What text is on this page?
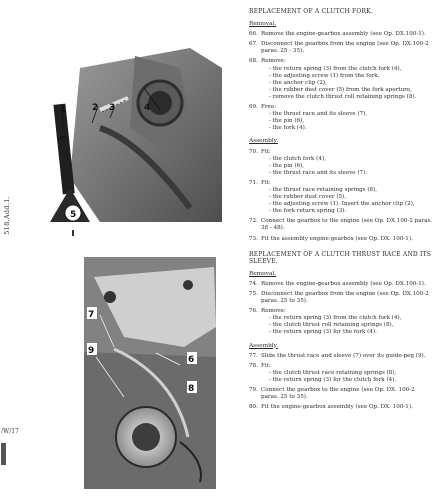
518.Add.1.
/W/17
1	2 3	4
5
7
9
6
8
REPLACEMENT OF A CLUTCH FORK.
Removal.
66. Remove the engine-gearbox assembly (see Op. DX.100-1).
67. Disconnect the gearbox from the engine (see Op. DX.100-2 paras. 25 - 35).
68. Remove:
- the return spring (3) from the clutch fork (4),
- the adjusting screw (1) from the fork,
- the anchor clip (2),
- the rubber dust cover (5) from the fork aperture,
- remove the clutch thrust roll retaining springs (8).
69. Free:
- the thrust race and its sleeve (7),
- the pin (6),
- the fork (4).
Assembly.
70. Fit:
- the clutch fork (4),
- the pin (6),
- the thrust race and its sleeve (7).
71. Fit:
- the thrust race retaining springs (8),
- the rubber dust cover (5),
- the adjusting screw (1). Insert the anchor clip (2),
- the fork return spring (3).
72. Connect the gearbox to the engine (see Op. DX.100-2 paras. 38 - 48).
73. Fit the assembly engine-gearbox (see Op. DX. 100-1).
REPLACEMENT OF A CLUTCH THRUST RACE AND ITS SLEEVE.
Removal.
74. Remove the engine-gearbox assembly (see Op. DX.100-1).
75. Disconnect the gearbox from the engine (see Op. DX.100-2 paras. 25 to 35).
76. Remove:
- the return spring (3) from the clutch fork (4),
- the clutch thrust roll retaining springs (8),
- the return spring (3) for the fork (4).
Assembly.
77. Slide the thrust race and sleeve (7) over its guide-peg (9).
78. Fit:
- the clutch thrust race retaining springs (8),
- the return spring (3) for the clutch fork (4).
79. Connect the gearbox to the engine (see Op. DX. 100-2 paras. 25 to 35).
80. Fit the engine-gearbox assembly (see Op. DX. 100-1).
